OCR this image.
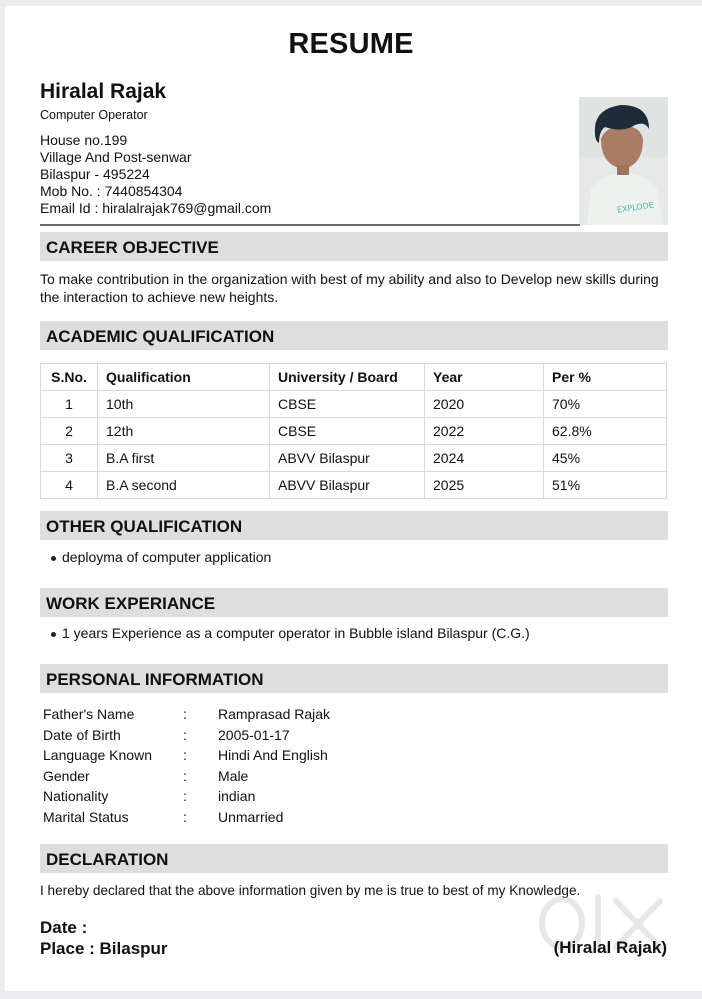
RESUME
Hiralal Rajak
Computer Operator
House no.199
Village And Post-senwar
Bilaspur - 495224
Mob No. : 7440854304
Email Id : hiralalrajak769@gmail.com	EXPLODE
CAREER OBJECTIVE
To make contribution in the organization with best of my ability and also to Develop new skills during the interaction to achieve new heights.
ACADEMIC QUALIFICATION
S.No.	Qualification	University / Board	Year	Per %
1	10th	CBSE	2020	70%
2	12th	CBSE	2022	62.8%
3	B.A first	ABVV Bilaspur	2024	45%
4	B.A second	ABVV Bilaspur	2025	51%
OTHER QUALIFICATION
deployma of computer application
WORK EXPERIANCE
1 years Experience as a computer operator in Bubble island Bilaspur (C.G.)
PERSONAL INFORMATION
Father's Name	: Ramprasad Rajak
Date of Birth	: 2005-01-17
Language Known : Hindi And English
Gender	: Male
Nationality	: indian
Marital Status	: Unmarried
DECLARATION
I hereby declared that the above information given by me is true to best of my Knowledge.
Date :
Place : Bilaspur	(Hiralal Rajak)
